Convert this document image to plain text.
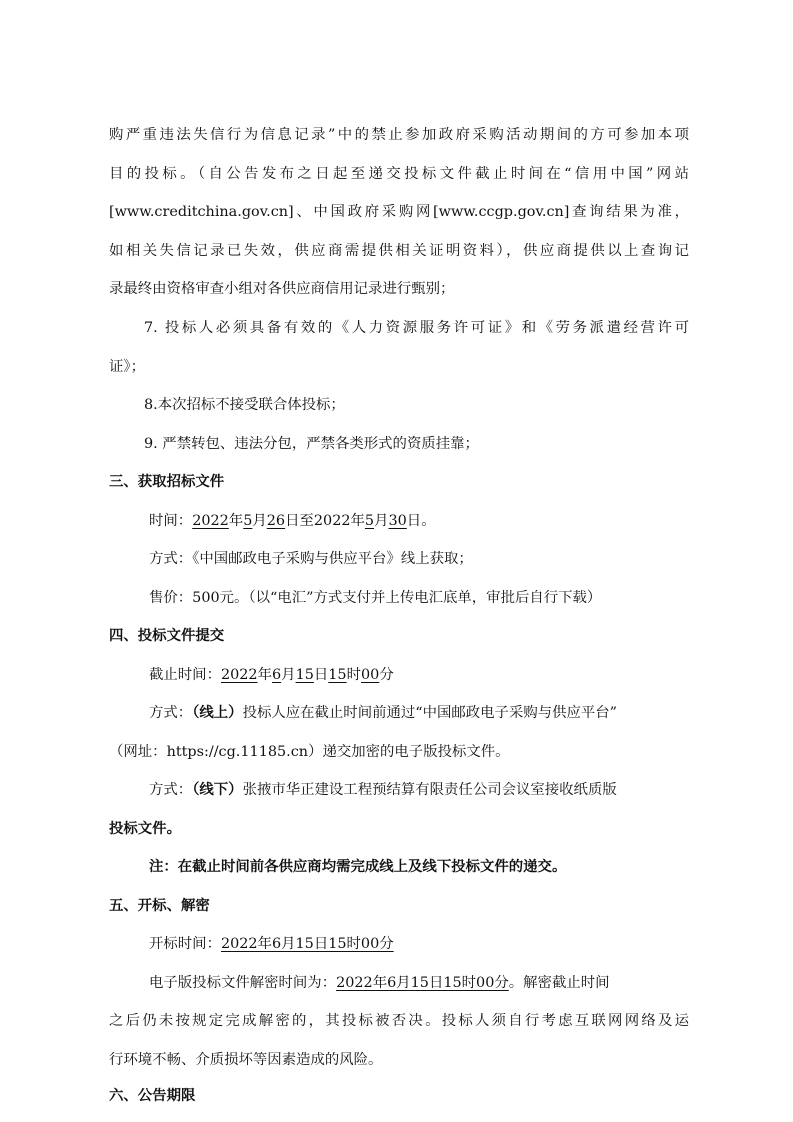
购严重违法失信行为信息记录”中的禁止参加政府采购活动期间的方可参加本项
目的投标。（自公告发布之日起至递交投标文件截止时间在“信用中国”网站
[www.creditchina.gov.cn]、中国政府采购网[www.ccgp.gov.cn]查询结果为准，
如相关失信记录已失效，供应商需提供相关证明资料），供应商提供以上查询记
录最终由资格审查小组对各供应商信用记录进行甄别；
7. 投标人必须具备有效的《人力资源服务许可证》和《劳务派遣经营许可
证》；
8.本次招标不接受联合体投标；
9. 严禁转包、违法分包，严禁各类形式的资质挂靠；
三、获取招标文件
时间：2022年5月26日至2022年5月30日。
方式：《中国邮政电子采购与供应平台》线上获取；
售价：500元。（以“电汇”方式支付并上传电汇底单，审批后自行下载）
四、投标文件提交
截止时间：2022年6月15日15时00分
方式：（线上）投标人应在截止时间前通过“中国邮政电子采购与供应平台”
（网址：https://cg.11185.cn）递交加密的电子版投标文件。
方式：（线下）张掖市华正建设工程预结算有限责任公司会议室接收纸质版
投标文件。
注：在截止时间前各供应商均需完成线上及线下投标文件的递交。
五、开标、解密
开标时间：2022年6月15日15时00分
电子版投标文件解密时间为：2022年6月15日15时00分。解密截止时间
之后仍未按规定完成解密的，其投标被否决。投标人须自行考虑互联网网络及运
行环境不畅、介质损坏等因素造成的风险。
六、公告期限
